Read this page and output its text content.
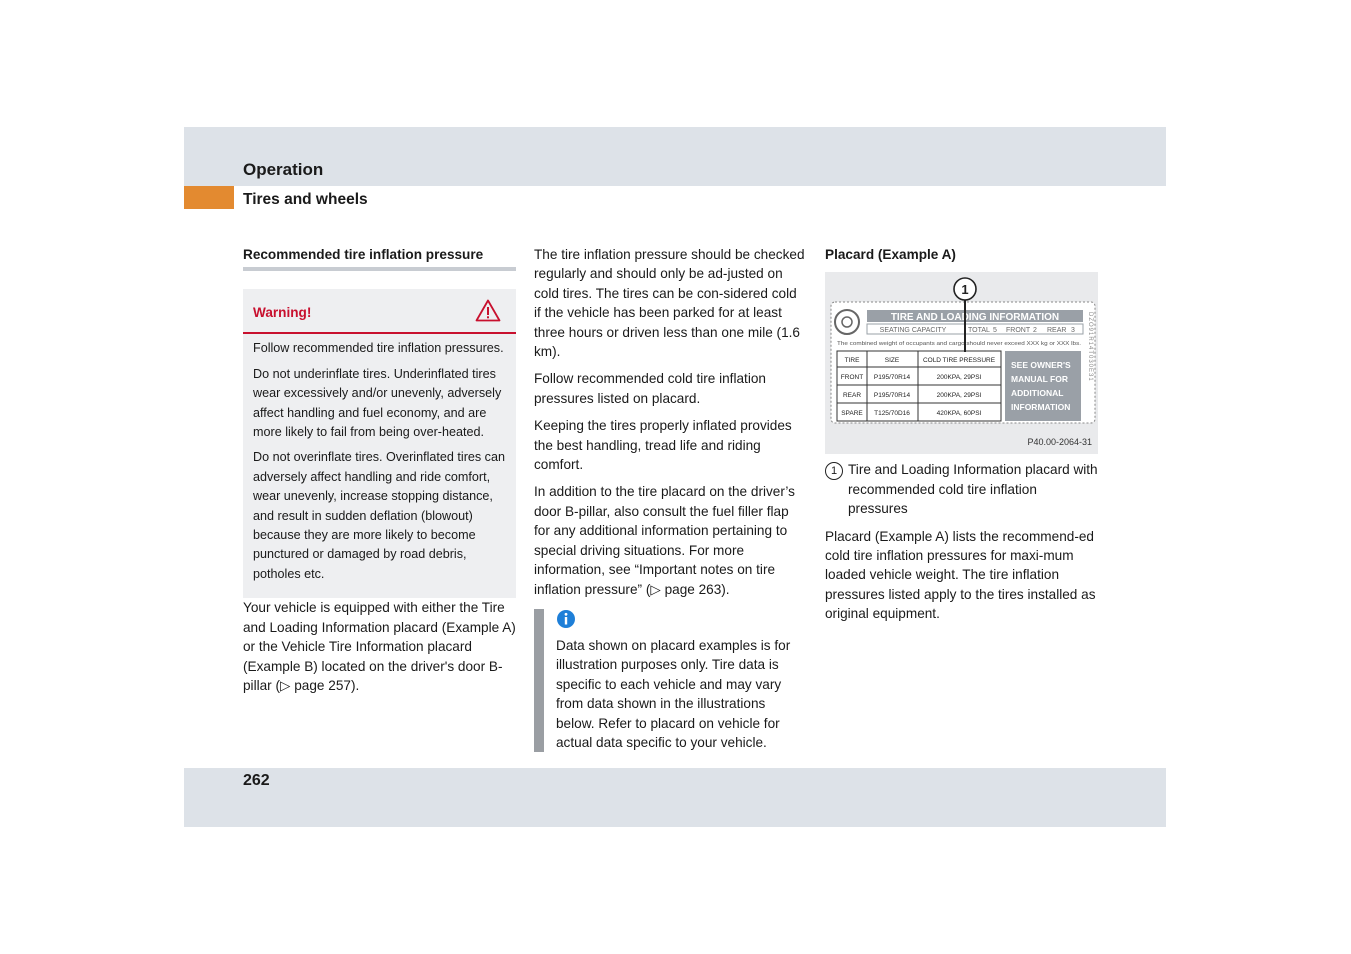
Operation
Tires and wheels
Recommended tire inflation pressure
Warning!

Follow recommended tire inflation pressures.

Do not underinflate tires. Underinflated tires wear excessively and/or unevenly, adversely affect handling and fuel economy, and are more likely to fail from being over-heated.

Do not overinflate tires. Overinflated tires can adversely affect handling and ride comfort, wear unevenly, increase stopping distance, and result in sudden deflation (blowout) because they are more likely to become punctured or damaged by road debris, potholes etc.

Your vehicle is equipped with either the Tire and Loading Information placard (Example A) or the Vehicle Tire Information placard (Example B) located on the driver's door B-pillar (▷ page 257).

The tire inflation pressure should be checked regularly and should only be ad-justed on cold tires. The tires can be con-sidered cold if the vehicle has been parked for at least three hours or driven less than one mile (1.6 km).

Follow recommended cold tire inflation pressures listed on placard.

Keeping the tires properly inflated provides the best handling, tread life and riding comfort.

In addition to the tire placard on the driver’s door B-pillar, also consult the fuel filler flap for any additional information pertaining to special driving situations. For more information, see “Important notes on tire inflation pressure” (▷ page 263).

Data shown on placard examples is for illustration purposes only. Tire data is specific to each vehicle and may vary from data shown in the illustrations below. Refer to placard on vehicle for actual data specific to your vehicle.
Placard (Example A)
TIRE AND LOADING INFORMATION
SEATING CAPACITY	TOTAL 5 FRONT 2 REAR 3
The combined weight of occupants and cargo should never exceed XXX kg or XXX lbs.
TIRE	SIZE	COLD TIRE PRESSURE
FRONT P195/70R14	200KPA, 29PSI
REAR P195/70R14	200KPA, 29PSI
SPARE T125/70D16	420KPA, 60PSI
SEE OWNER'S
MANUAL FOR
ADDITIONAL
INFORMATION
DZO91R14T030E31
1
P40.00-2064-31
1 Tire and Loading Information placard with recommended cold tire inflation pressures

Placard (Example A) lists the recommend-ed cold tire inflation pressures for maxi-mum loaded vehicle weight. The tire inflation pressures listed apply to the tires installed as original equipment.

262
